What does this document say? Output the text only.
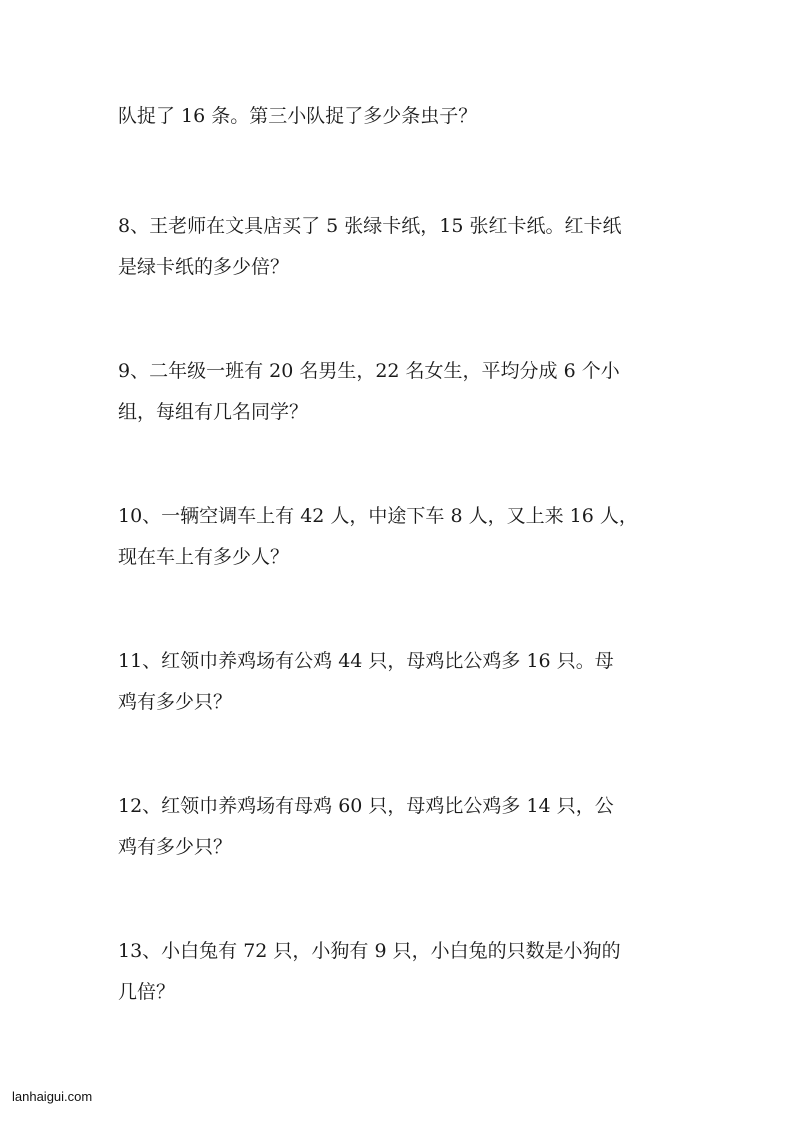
队捉了 16 条。第三小队捉了多少条虫子？

8、王老师在文具店买了 5 张绿卡纸，15 张红卡纸。红卡纸
是绿卡纸的多少倍？

9、二年级一班有 20 名男生，22 名女生，平均分成 6 个小
组，每组有几名同学？

10、一辆空调车上有 42 人，中途下车 8 人，又上来 16 人，
现在车上有多少人？

11、红领巾养鸡场有公鸡 44 只，母鸡比公鸡多 16 只。母
鸡有多少只？

12、红领巾养鸡场有母鸡 60 只，母鸡比公鸡多 14 只，公
鸡有多少只？

13、小白兔有 72 只，小狗有 9 只，小白兔的只数是小狗的
几倍？

lanhaigui.com
